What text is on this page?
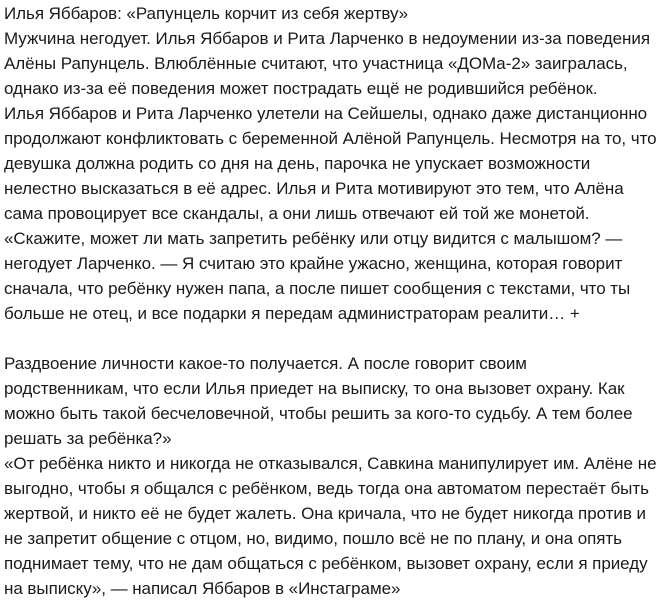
Илья Яббаров: «Рапунцель корчит из себя жертву»

Мужчина негодует. Илья Яббаров и Рита Ларченко в недоумении из-за поведения
Алёны Рапунцель. Влюблённые считают, что участница «ДОМа-2» заигралась,
однако из-за её поведения может пострадать ещё не родившийся ребёнок.

Илья Яббаров и Рита Ларченко улетели на Сейшелы, однако даже дистанционно
продолжают конфликтовать с беременной Алёной Рапунцель. Несмотря на то, что
девушка должна родить со дня на день, парочка не упускает возможности
нелестно высказаться в её адрес. Илья и Рита мотивируют это тем, что Алёна
сама провоцирует все скандалы, а они лишь отвечают ей той же монетой.

«Скажите, может ли мать запретить ребёнку или отцу видится с малышом? —
негодует Ларченко. — Я считаю это крайне ужасно, женщина, которая говорит
сначала, что ребёнку нужен папа, а после пишет сообщения с текстами, что ты
больше не отец, и все подарки я передам администраторам реалити… +

Раздвоение личности какое-то получается. А после говорит своим
родственникам, что если Илья приедет на выписку, то она вызовет охрану. Как
можно быть такой бесчеловечной, чтобы решить за кого-то судьбу. А тем более
решать за ребёнка?»

«От ребёнка никто и никогда не отказывался, Савкина манипулирует им. Алёне не
выгодно, чтобы я общался с ребёнком, ведь тогда она автоматом перестаёт быть
жертвой, и никто её не будет жалеть. Она кричала, что не будет никогда против и
не запретит общение с отцом, но, видимо, пошло всё не по плану, и она опять
поднимает тему, что не дам общаться с ребёнком, вызовет охрану, если я приеду
на выписку», — написал Яббаров в «Инстаграме»
